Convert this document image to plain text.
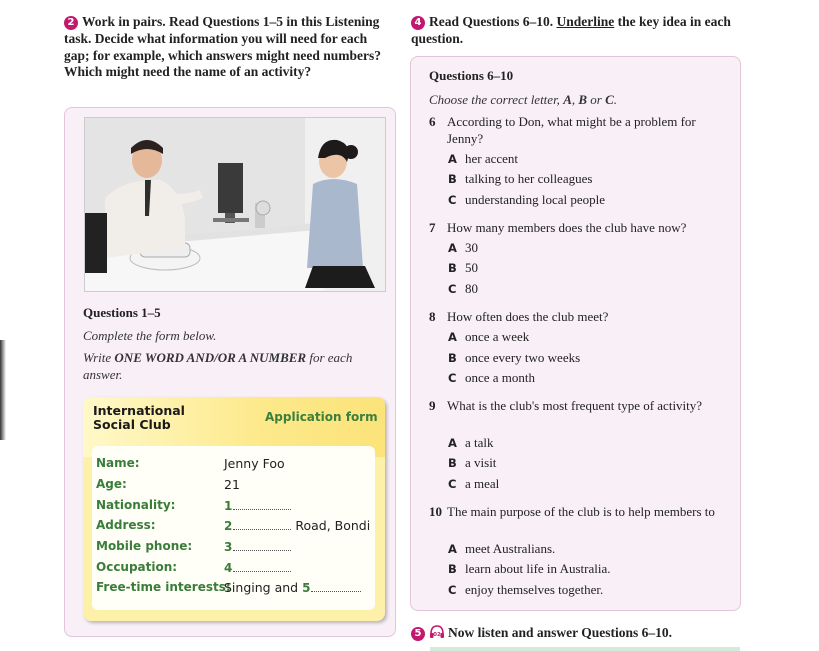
2 Work in pairs. Read Questions 1–5 in this Listening task. Decide what information you will need for each gap; for example, which answers might need numbers? Which might need the name of an activity?
4 Read Questions 6–10. Underline the key idea in each question.
Questions 1–5
Complete the form below.
Write ONE WORD AND/OR A NUMBER for each answer.
International
Social Club	Application form
Name:	Jenny Foo
Age:	21
Nationality:	1
Address:	2	Road, Bondi
Mobile phone:	3
Occupation:	4
Free-time interests:
Singing and 5
Questions 6–10
Choose the correct letter, A, B or C.
6 According to Don, what might be a problem for Jenny?
A her accent
B talking to her colleagues
C understanding local people
7 How many members does the club have now?
A 30
B 50
C 80
8 How often does the club meet?
A once a week
B once every two weeks
C once a month
9 What is the club's most frequent type of activity?
A a talk
B a visit
C a meal
10 The main purpose of the club is to help members to
A meet Australians.
B learn about life in Australia.
C enjoy themselves together.
5 02 Now listen and answer Questions 6–10.
